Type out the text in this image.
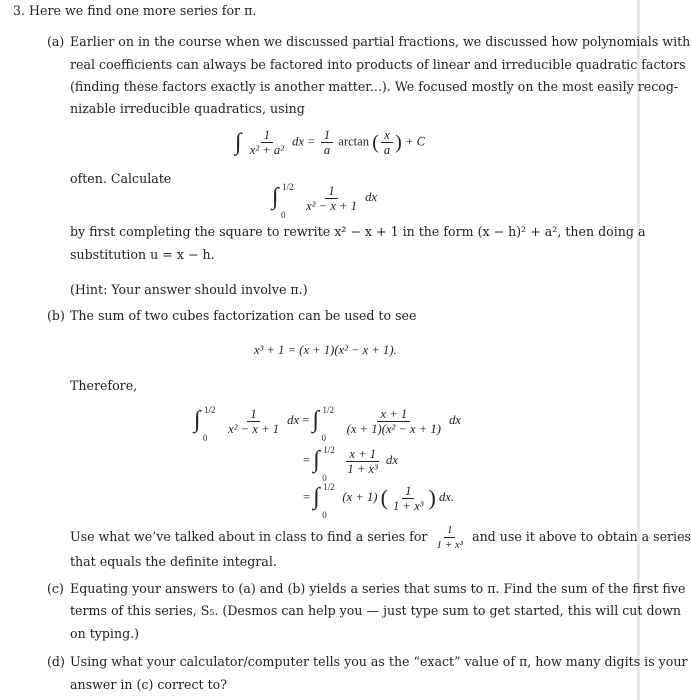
3. Here we find one more series for π.
(a) Earlier on in the course when we discussed partial fractions, we discussed how polynomials with
real coefficients can always be factored into products of linear and irreducible quadratic factors
(finding these factors exactly is another matter...). We focused mostly on the most easily recog-
nizable irreducible quadratics, using
∫ $\frac{1}{\text{x² + a²}}$ dx = $\frac{1}{a}$ arctan ( $\frac{x}{a}$ ) + C
often. Calculate
∫ 1/2
0

$\frac{1}{\text{x² − x + 1}}$ dx
by first completing the square to rewrite x² − x + 1 in the form (x − h)² + a², then doing a
substitution u = x − h.
(Hint: Your answer should involve π.)
(b) The sum of two cubes factorization can be used to see
x³ + 1 = (x + 1)(x² − x + 1).
Therefore,
∫ 1/2
0

$\frac{1}{\text{x² − x + 1}}$ dx = ∫ 1/2
0

$\frac{x + 1}{\text{(x + 1)(x² − x + 1)}}$ dx
= ∫ 1/2
0

$\frac{x + 1}{\text{1 + x³}}$ dx
= ∫ 1/2
0
(x + 1) ( $\frac{1}{\text{1 + x³}}$ ) dx.
Use what we’ve talked about in class to find a series for $\frac{1}{\text{1 + x³}}$ and use it above to obtain a series
that equals the definite integral.
(c) Equating your answers to (a) and (b) yields a series that sums to π. Find the sum of the first five
terms of this series, S₅. (Desmos can help you — just type sum to get started, this will cut down
on typing.)
(d) Using what your calculator/computer tells you as the “exact” value of π, how many digits is your
answer in (c) correct to?
